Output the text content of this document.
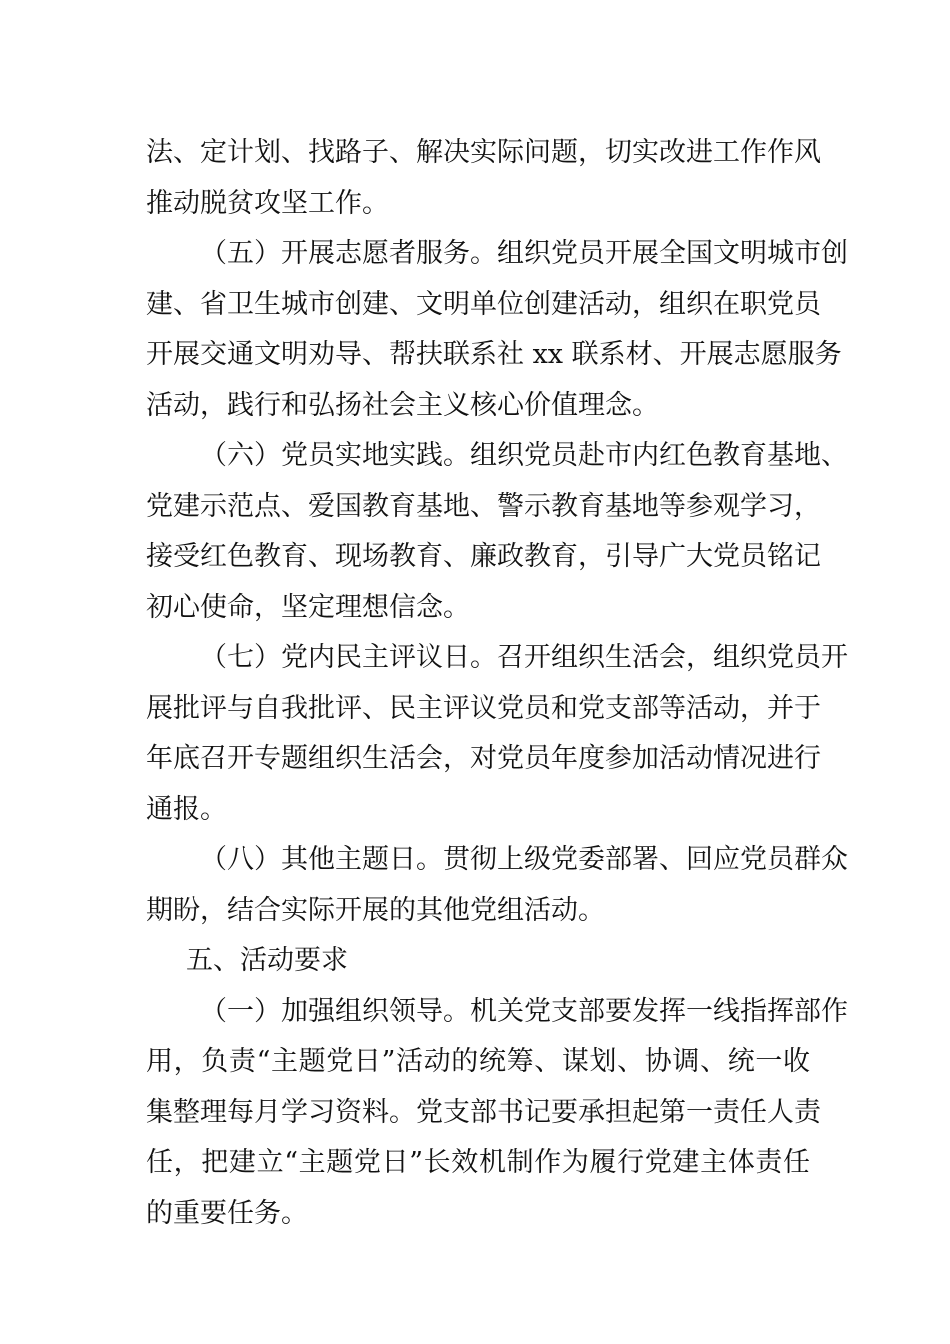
法、定计划、找路子、解决实际问题，切实改进工作作风
推动脱贫攻坚工作。
（五）开展志愿者服务。组织党员开展全国文明城市创
建、省卫生城市创建、文明单位创建活动，组织在职党员
开展交通文明劝导、帮扶联系社 xx 联系材、开展志愿服务
活动，践行和弘扬社会主义核心价值理念。
（六）党员实地实践。组织党员赴市内红色教育基地、
党建示范点、爱国教育基地、警示教育基地等参观学习，
接受红色教育、现场教育、廉政教育，引导广大党员铭记
初心使命，坚定理想信念。
（七）党内民主评议日。召开组织生活会，组织党员开
展批评与自我批评、民主评议党员和党支部等活动，并于
年底召开专题组织生活会，对党员年度参加活动情况进行
通报。
（八）其他主题日。贯彻上级党委部署、回应党员群众
期盼，结合实际开展的其他党组活动。
五、活动要求
（一）加强组织领导。机关党支部要发挥一线指挥部作
用，负责“主题党日”活动的统筹、谋划、协调、统一收
集整理每月学习资料。党支部书记要承担起第一责任人责
任，把建立“主题党日”长效机制作为履行党建主体责任
的重要任务。
